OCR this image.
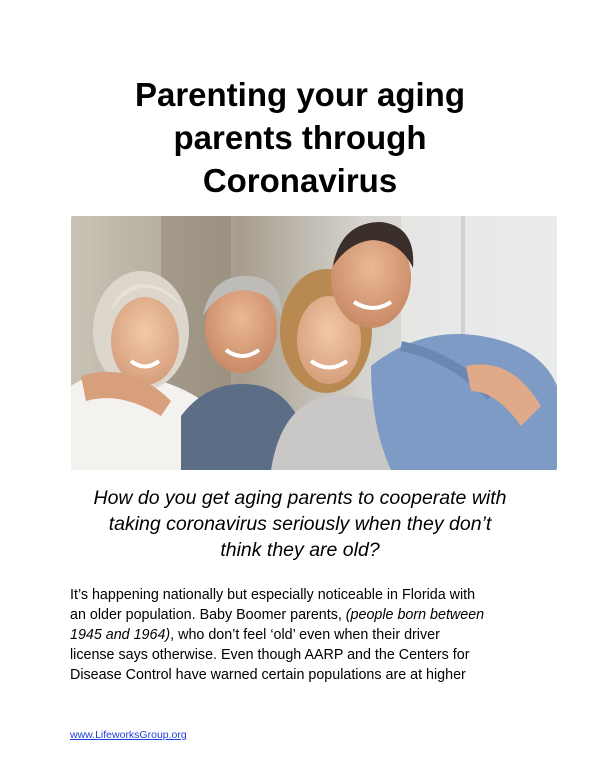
Parenting your aging
parents through
Coronavirus
How do you get aging parents to cooperate with
taking coronavirus seriously when they don’t
think they are old?
It’s happening nationally but especially noticeable in Florida with
an older population. Baby Boomer parents, (people born between
1945 and 1964), who don’t feel ‘old’ even when their driver
license says otherwise. Even though AARP and the Centers for
Disease Control have warned certain populations are at higher
www.LifeworksGroup.org
